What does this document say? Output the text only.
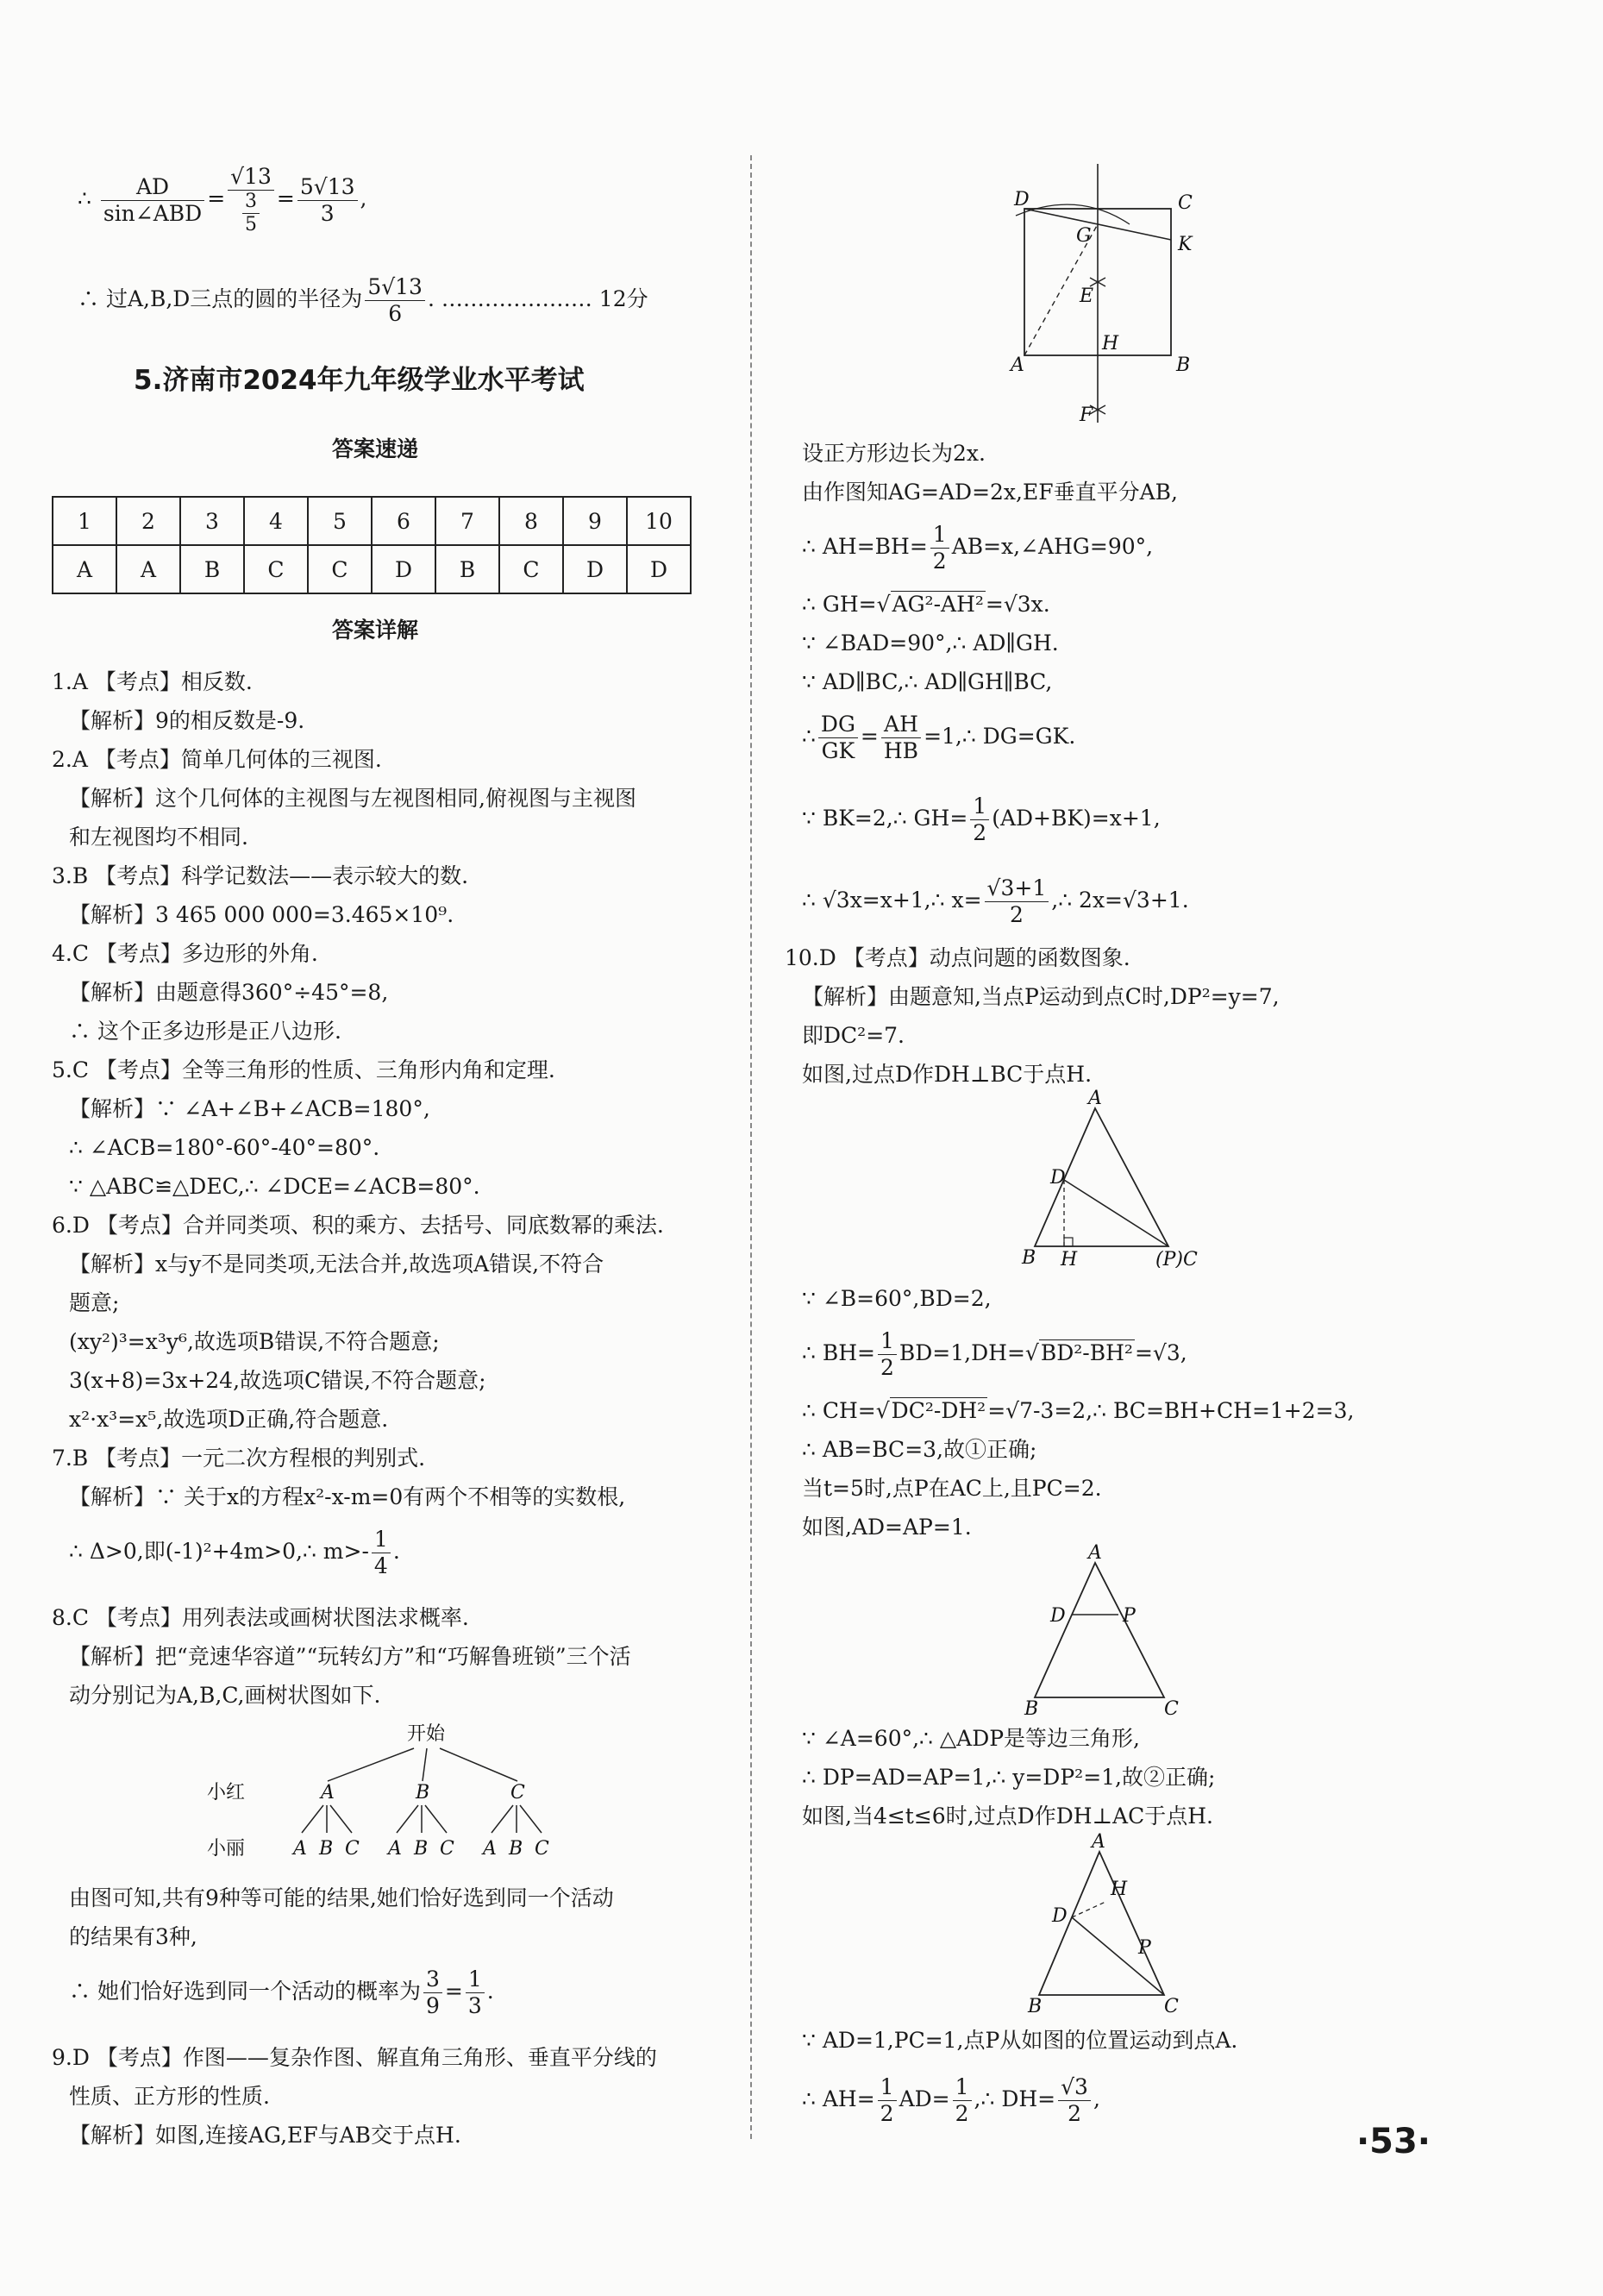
∴ $\frac{AD}{\text{sin∠ABD}} = \frac{√13}{\frac{3}{5}} = \frac{5√13}{3}$ ,
∴ 过A,B,D三点的圆的半径为 $\frac{5√13}{6}$ . ………………… 12分
5.济南市2024年九年级学业水平考试
答案速递
1	2	3	4	5	6	7	8	9	10
A	A	B	C	C	D	B	C	D	D
答案详解
1.A 【考点】相反数.
【解析】9的相反数是-9.
2.A 【考点】简单几何体的三视图.
【解析】这个几何体的主视图与左视图相同,俯视图与主视图
和左视图均不相同.
3.B 【考点】科学记数法——表示较大的数.
【解析】3 465 000 000=3.465×10⁹.
4.C 【考点】多边形的外角.
【解析】由题意得360°÷45°=8,
∴ 这个正多边形是正八边形.
5.C 【考点】全等三角形的性质、三角形内角和定理.
【解析】∵ ∠A+∠B+∠ACB=180°,
∴ ∠ACB=180°-60°-40°=80°.
∵ △ABC≌△DEC,∴ ∠DCE=∠ACB=80°.
6.D 【考点】合并同类项、积的乘方、去括号、同底数幂的乘法.
【解析】x与y不是同类项,无法合并,故选项A错误,不符合
题意;
(xy²)³=x³y⁶,故选项B错误,不符合题意;
3(x+8)=3x+24,故选项C错误,不符合题意;
x²·x³=x⁵,故选项D正确,符合题意.
7.B 【考点】一元二次方程根的判别式.
【解析】∵ 关于x的方程x²-x-m=0有两个不相等的实数根,
∴ Δ>0,即(-1)²+4m>0,∴ $m>- \frac{1}{4}$ .
8.C 【考点】用列表法或画树状图法求概率.
【解析】把“竞速华容道”“玩转幻方”和“巧解鲁班锁”三个活
动分别记为A,B,C,画树状图如下.
开始
小红	A	B	C
小丽	A B C A B C A B C
由图可知,共有9种等可能的结果,她们恰好选到同一个活动
的结果有3种,
∴ 她们恰好选到同一个活动的概率为 $\frac{3}{9} = \frac{1}{3}$ .
9.D 【考点】作图——复杂作图、解直角三角形、垂直平分线的
性质、正方形的性质.
【解析】如图,连接AG,EF与AB交于点H.
D	C
G	K
E
A
H
B
F
设正方形边长为2x.
由作图知AG=AD=2x,EF垂直平分AB,
∴ $AH=BH= \frac{1}{2}$ AB=x,∠AHG=90°,
∴ GH=√AG²-AH²=√3x.
∵ ∠BAD=90°,∴ AD∥GH.
∵ AD∥BC,∴ AD∥GH∥BC,
∴ $\frac{DG}{GK} = \frac{AH}{HB}$ =1,∴ DG=GK.
∵ BK=2,∴ $GH= \frac{1}{2} (AD+BK)=x+1$,
∴ √3x=x+1,∴ $x= \frac{√3+1}{2}$ ,∴ 2x=√3+1.
10.D 【考点】动点问题的函数图象.
【解析】由题意知,当点P运动到点C时,DP²=y=7,
即DC²=7.
如图,过点D作DH⊥BC于点H.
A
D
B H	(P)C
∵ ∠B=60°,BD=2,
∴ $BH= \frac{1}{2} BD=1,DH=√BD^2-BH^2=√3$,
∴ CH=√DC²-DH²=√7-3=2,∴ BC=BH+CH=1+2=3,
∴ AB=BC=3,故①正确;
当t=5时,点P在AC上,且PC=2.
如图,AD=AP=1.
A
D	P
B	C
∵ ∠A=60°,∴ △ADP是等边三角形,
∴ DP=AD=AP=1,∴ y=DP²=1,故②正确;
如图,当4≤t≤6时,过点D作DH⊥AC于点H.
A
H
D
P
B	C
∵ AD=1,PC=1,点P从如图的位置运动到点A.
∴ $AH= \frac{1}{2} AD= \frac{1}{2}$ ,∴ $DH= \frac{√3}{2}$ ,
·53·
